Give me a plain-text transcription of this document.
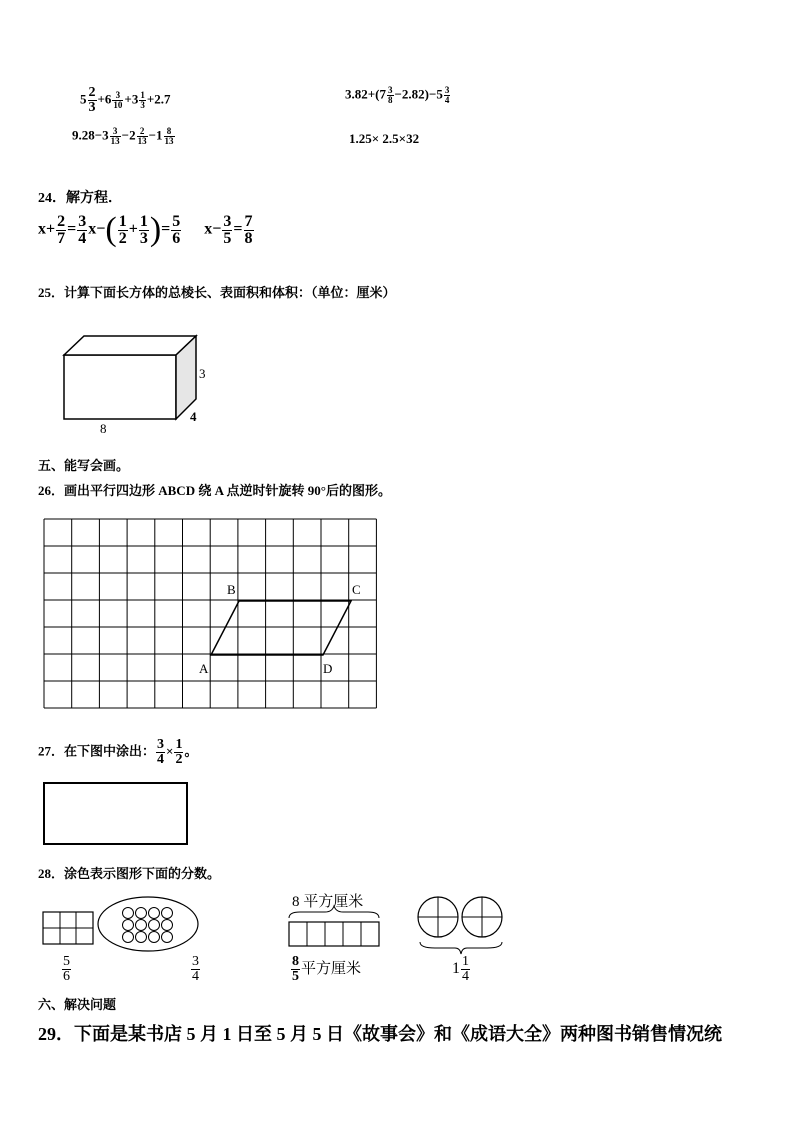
$5 \frac{2}{3} +6 \frac{3}{10} +3 \frac{1}{3} +2.7$	$3.82+(7 \frac{3}{8} -2.82)-5 \frac{3}{4}$
$9.28-3 \frac{3}{13} -2 \frac{2}{13} -1 \frac{8}{13}$	1.25× 2.5×32
24．解方程．
$x+ \frac{2}{7} = \frac{3}{4} x-( \frac{1}{2} + \frac{1}{3}$ )= $\frac{5}{6} x- \frac{3}{5} = \frac{7}{8}$
25．计算下面长方体的总棱长、表面积和体积：（单位：厘米）
8
3
4
五、能写会画。
26．画出平行四边形 ABCD 绕 A 点逆时针旋转 90°后的图形。
A
B	C
D
27．在下图中涂出： $\frac{3}{4} \times \frac{1}{2}$ 。
28．涂色表示图形下面的分数。
8 平方厘米
$\frac{5}{6}$	$\frac{3}{4}$	$\frac{8}{5}$ 平方厘米	$1 \frac{1}{4}$
六、解决问题
29．下面是某书店 5 月 1 日至 5 月 5 日《故事会》和《成语大全》两种图书销售情况统
